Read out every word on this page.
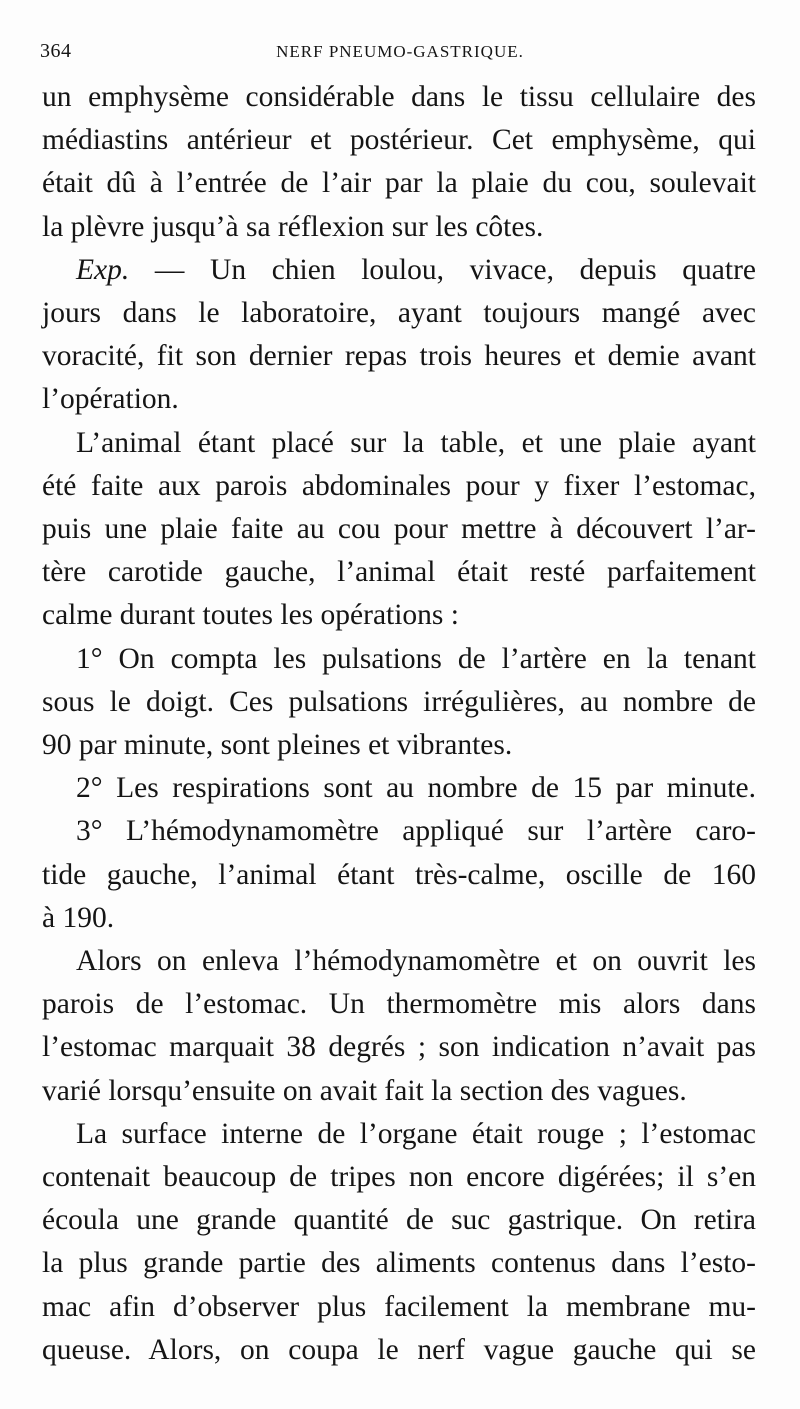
364	NERF PNEUMO-GASTRIQUE.
un emphysème considérable dans le tissu cellulaire des
médiastins antérieur et postérieur. Cet emphysème, qui
était dû à l’entrée de l’air par la plaie du cou, soulevait
la plèvre jusqu’à sa réflexion sur les côtes.
Exp. — Un chien loulou, vivace, depuis quatre
jours dans le laboratoire, ayant toujours mangé avec
voracité, fit son dernier repas trois heures et demie avant
l’opération.
L’animal étant placé sur la table, et une plaie ayant
été faite aux parois abdominales pour y fixer l’estomac,
puis une plaie faite au cou pour mettre à découvert l’ar-
tère carotide gauche, l’animal était resté parfaitement
calme durant toutes les opérations :
1° On compta les pulsations de l’artère en la tenant
sous le doigt. Ces pulsations irrégulières, au nombre de
90 par minute, sont pleines et vibrantes.
2° Les respirations sont au nombre de 15 par minute.
3° L’hémodynamomètre appliqué sur l’artère caro-
tide gauche, l’animal étant très-calme, oscille de 160
à 190.
Alors on enleva l’hémodynamomètre et on ouvrit les
parois de l’estomac. Un thermomètre mis alors dans
l’estomac marquait 38 degrés ; son indication n’avait pas
varié lorsqu’ensuite on avait fait la section des vagues.
La surface interne de l’organe était rouge ; l’estomac
contenait beaucoup de tripes non encore digérées; il s’en
écoula une grande quantité de suc gastrique. On retira
la plus grande partie des aliments contenus dans l’esto-
mac afin d’observer plus facilement la membrane mu-
queuse. Alors, on coupa le nerf vague gauche qui se
